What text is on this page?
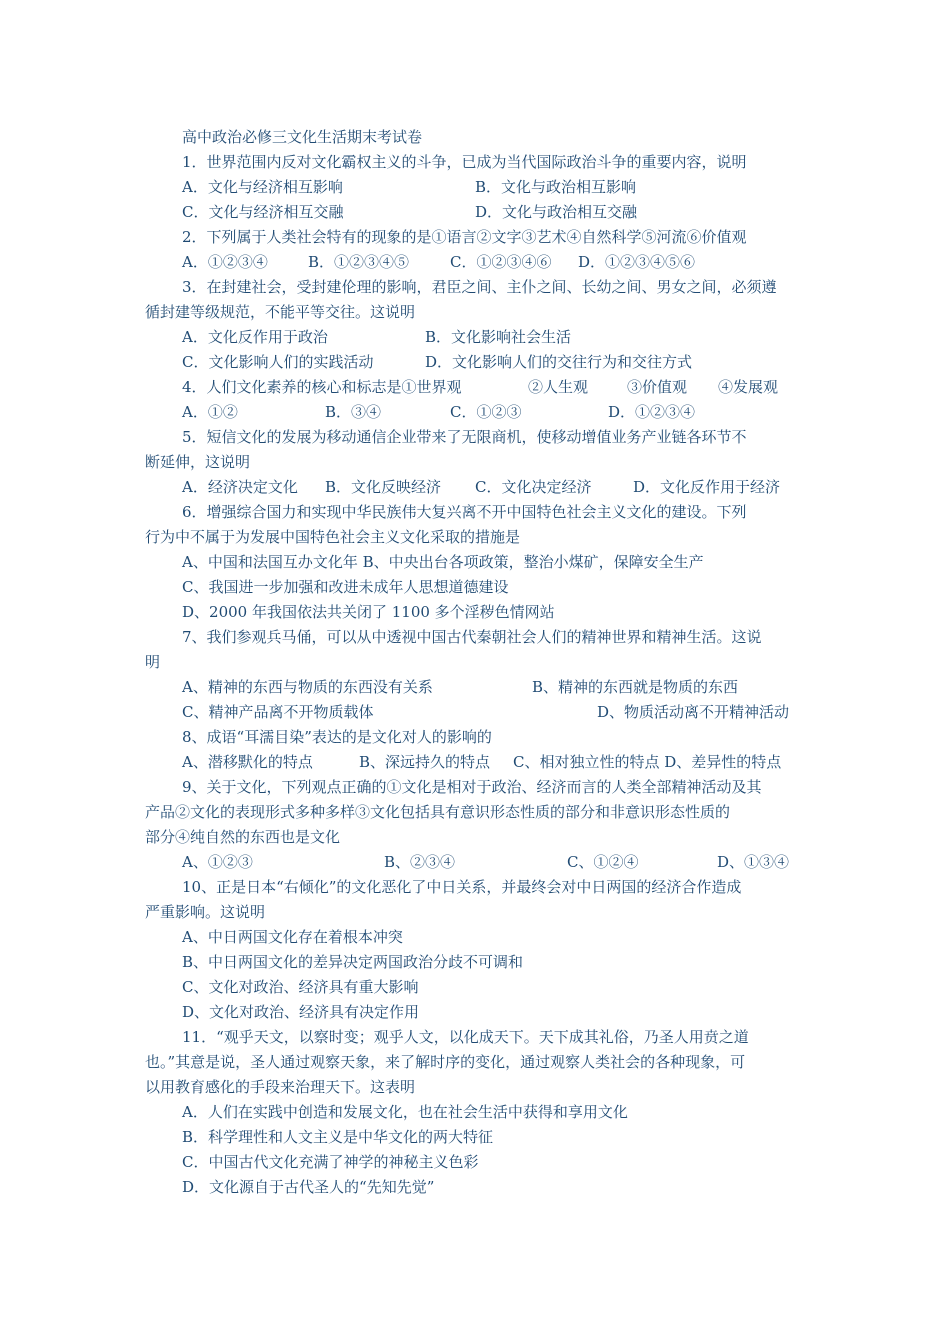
高中政治必修三文化生活期末考试卷
1．世界范围内反对文化霸权主义的斗争，已成为当代国际政治斗争的重要内容，说明
A．文化与经济相互影响	B．文化与政治相互影响
C．文化与经济相互交融	D．文化与政治相互交融
2．下列属于人类社会特有的现象的是①语言②文字③艺术④自然科学⑤河流⑥价值观
A．①②③④	B．①②③④⑤	C．①②③④⑥ D．①②③④⑤⑥
3．在封建社会，受封建伦理的影响，君臣之间、主仆之间、长幼之间、男女之间，必须遵
循封建等级规范，不能平等交往。这说明
A．文化反作用于政治	B．文化影响社会生活
C．文化影响人们的实践活动	D．文化影响人们的交往行为和交往方式
4．人们文化素养的核心和标志是①世界观	②人生观	③价值观 ④发展观
A．①②	B．③④	C．①②③	D．①②③④
5．短信文化的发展为移动通信企业带来了无限商机，使移动增值业务产业链各环节不
断延伸，这说明
A．经济决定文化 B．文化反映经济 C．文化决定经济	D．文化反作用于经济
6．增强综合国力和实现中华民族伟大复兴离不开中国特色社会主义文化的建设。下列
行为中不属于为发展中国特色社会主义文化采取的措施是
A、中国和法国互办文化年 B、中央出台各项政策，整治小煤矿，保障安全生产
C、我国进一步加强和改进未成年人思想道德建设
D、2000 年我国依法共关闭了 1100 多个淫秽色情网站
7、我们参观兵马俑，可以从中透视中国古代秦朝社会人们的精神世界和精神生活。这说
明
A、精神的东西与物质的东西没有关系	B、精神的东西就是物质的东西
C、精神产品离不开物质载体	D、物质活动离不开精神活动
8、成语“耳濡目染”表达的是文化对人的影响的
A、潜移默化的特点	B、深远持久的特点 C、相对独立性的特点 D、差异性的特点
9、关于文化，下列观点正确的①文化是相对于政治、经济而言的人类全部精神活动及其
产品②文化的表现形式多种多样③文化包括具有意识形态性质的部分和非意识形态性质的
部分④纯自然的东西也是文化
A、①②③	B、②③④	C、①②④	D、①③④
10、正是日本“右倾化”的文化恶化了中日关系，并最终会对中日两国的经济合作造成
严重影响。这说明
A、中日两国文化存在着根本冲突
B、中日两国文化的差异决定两国政治分歧不可调和
C、文化对政治、经济具有重大影响
D、文化对政治、经济具有决定作用
11．“观乎天文，以察时变；观乎人文，以化成天下。天下成其礼俗，乃圣人用贲之道
也。”其意是说，圣人通过观察天象，来了解时序的变化，通过观察人类社会的各种现象，可
以用教育感化的手段来治理天下。这表明
A．人们在实践中创造和发展文化，也在社会生活中获得和享用文化
B．科学理性和人文主义是中华文化的两大特征
C．中国古代文化充满了神学的神秘主义色彩
D．文化源自于古代圣人的“先知先觉”
